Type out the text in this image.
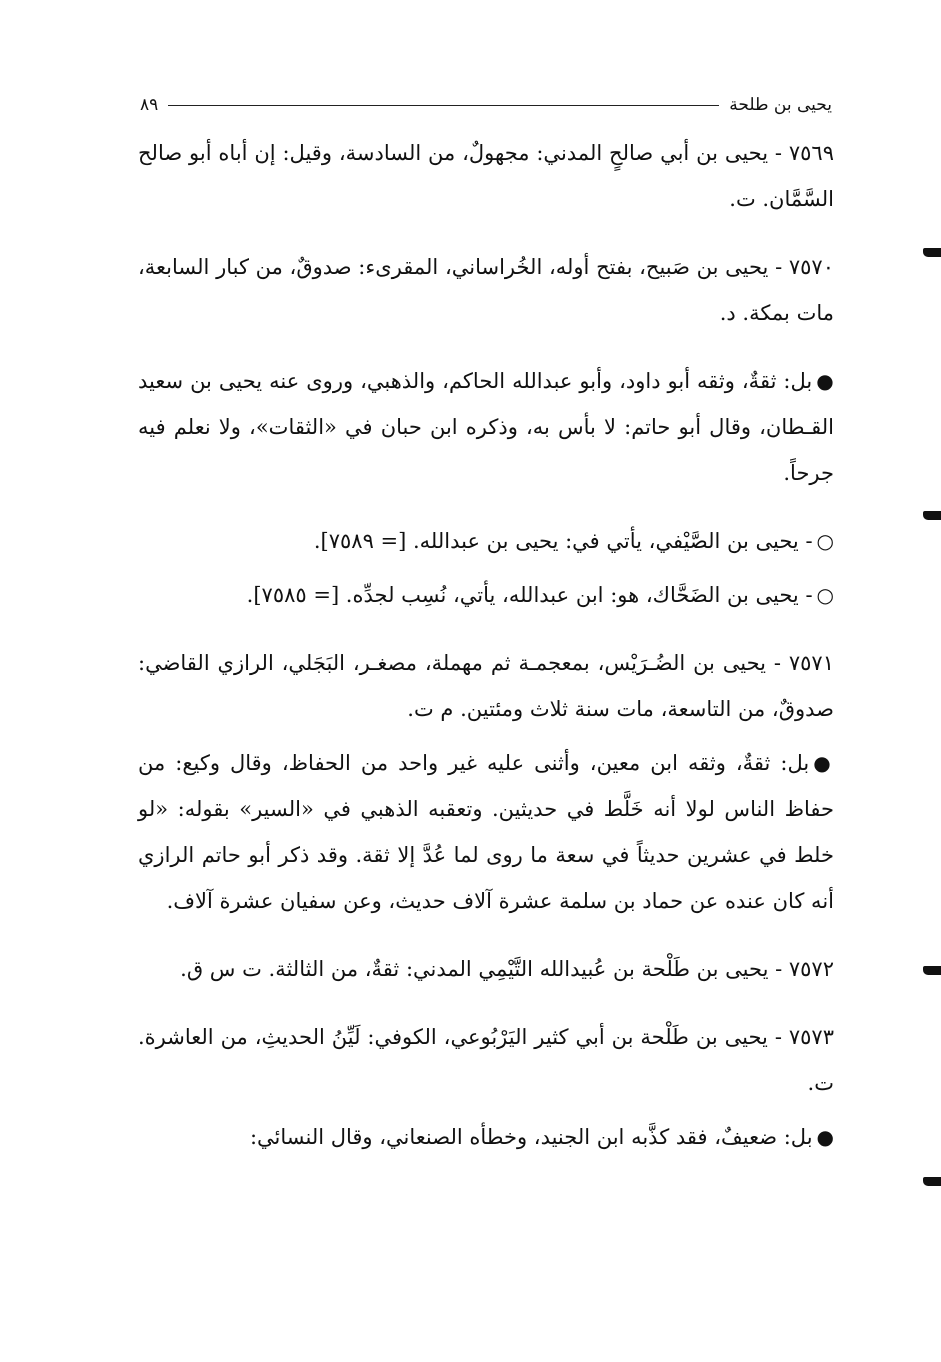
يحيى بن طلحة
٨٩

٧٥٦٩ - يحيى بن أبي صالحٍ المدني: مجهولٌ، من السادسة، وقيل: إن أباه أبو صالح السَّمَّان. ت.

٧٥٧٠ - يحيى بن صَبيح، بفتح أوله، الخُراساني، المقرىء: صدوقٌ، من كبار السابعة، مات بمكة. د.

●بل: ثقةٌ، وثقه أبو داود، وأبو عبدالله الحاكم، والذهبي، وروى عنه يحيى بن سعيد القـطان، وقال أبو حاتم: لا بأس به، وذكره ابن حبان في «الثقات»، ولا نعلم فيه جرحاً.

○- يحيى بن الصَّيْفي، يأتي في: يحيى بن عبدالله. [= ٧٥٨٩].

○- يحيى بن الضَحَّاك، هو: ابن عبدالله، يأتي، نُسِب لجدِّه. [= ٧٥٨٥].

٧٥٧١ - يحيى بن الضُـرَيْس، بمعجمـة ثم مهملة، مصغـر، البَجَلي، الرازي القاضي: صدوقٌ، من التاسعة، مات سنة ثلاث ومئتين. م ت.

●بل: ثقةٌ، وثقه ابن معين، وأثنى عليه غير واحد من الحفاظ، وقال وكيع: من حفاظ الناس لولا أنه خَلَّط في حديثين. وتعقبه الذهبي في «السير» بقوله: «لو خلط في عشرين حديثاً في سعة ما روى لما عُدَّ إلا ثقة. وقد ذكر أبو حاتم الرازي أنه كان عنده عن حماد بن سلمة عشرة آلاف حديث، وعن سفيان عشرة آلاف.

٧٥٧٢ - يحيى بن طَلْحة بن عُبيدالله التَّيْمِي المدني: ثقةٌ، من الثالثة. ت س ق.

٧٥٧٣ - يحيى بن طَلْحة بن أبي كثير اليَرْبُوعي، الكوفي: لَيِّنُ الحديثِ، من العاشرة. ت.

●بل: ضعيفٌ، فقد كذَّبه ابن الجنيد، وخطأه الصنعاني، وقال النسائي:
